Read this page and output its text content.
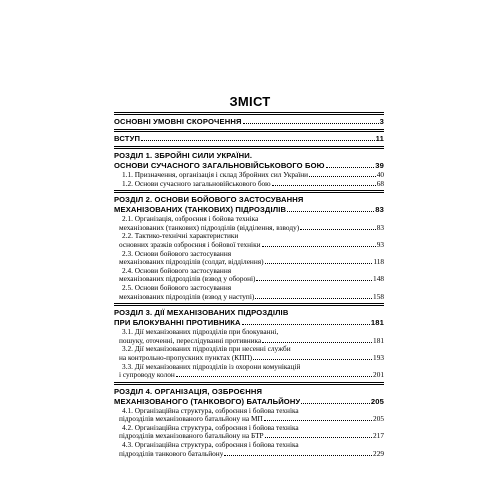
ЗМІСТ
ОСНОВНІ УМОВНІ СКОРОЧЕННЯ	3
ВСТУП	11
РОЗДІЛ 1. ЗБРОЙНІ СИЛИ УКРАЇНИ.
ОСНОВИ СУЧАСНОГО ЗАГАЛЬНОВІЙСЬКОВОГО БОЮ	39
1.1. Призначення, організація і склад Збройних сил України	40
1.2. Основи сучасного загальновійськового бою	68
РОЗДІЛ 2. ОСНОВИ БОЙОВОГО ЗАСТОСУВАННЯ
МЕХАНІЗОВАНИХ (ТАНКОВИХ) ПІДРОЗДІЛІВ	83
2.1. Організація, озброєння і бойова техніка
механізованих (танкових) підрозділів (відділення, взводу)	83
2.2. Тактико-технічні характеристики
основних зразків озброєння і бойової техніки	93
2.3. Основи бойового застосування
механізованих підрозділів (солдат, відділення)	118
2.4. Основи бойового застосування
механізованих підрозділів (взвод у обороні)	148
2.5. Основи бойового застосування
механізованих підрозділів (взвод у наступі)	158
РОЗДІЛ 3. ДІЇ МЕХАНІЗОВАНИХ ПІДРОЗДІЛІВ
ПРИ БЛОКУВАННІ ПРОТИВНИКА	181
3.1. Дії механізованих підрозділів при блокуванні,
пошуку, оточенні, переслідуванні противника	181
3.2. Дії механізованих підрозділів при несенні служби
на контрольно-пропускних пунктах (КПП)	193
3.3. Дії механізованих підрозділів із охорони комунікацій
і супроводу колон	201
РОЗДІЛ 4. ОРГАНІЗАЦІЯ, ОЗБРОЄННЯ
МЕХАНІЗОВАНОГО (ТАНКОВОГО) БАТАЛЬЙОНУ	205
4.1. Організаційна структура, озброєння і бойова техніка
підрозділів механізованого батальйону на МП	205
4.2. Організаційна структура, озброєння і бойова техніка
підрозділів механізованого батальйону на БТР	217
4.3. Організаційна структура, озброєння і бойова техніка
підрозділів танкового батальйону	229
